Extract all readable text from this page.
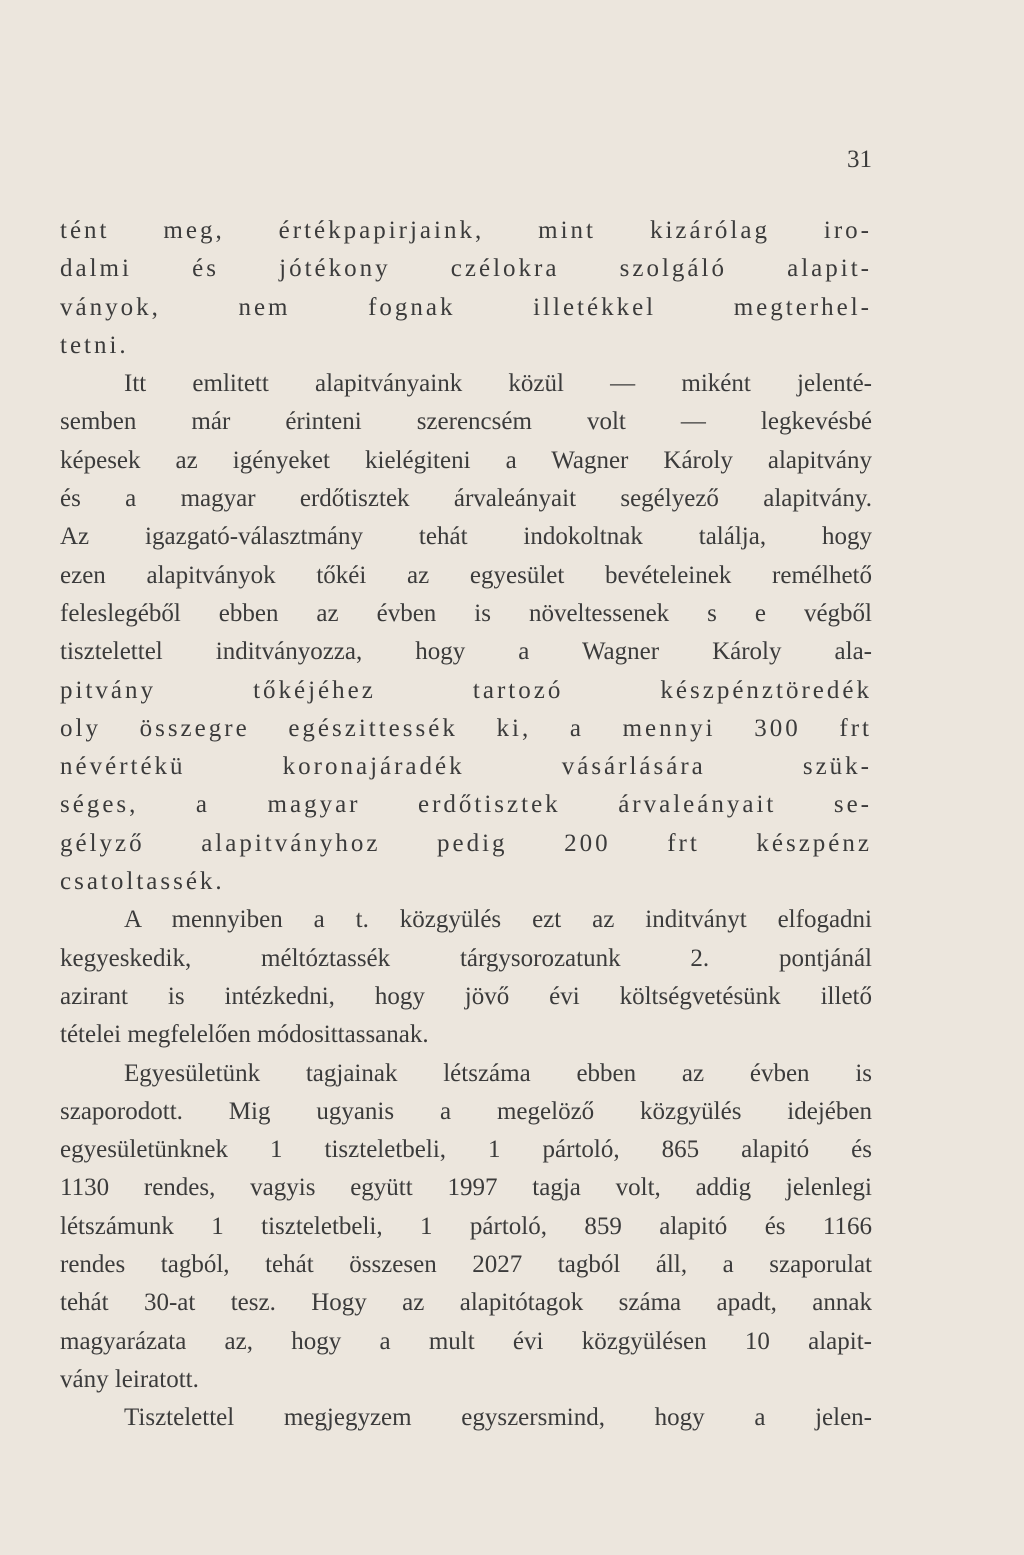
31
tént meg, értékpapirjaink, mint kizárólag iro-
dalmi és jótékony czélokra szolgáló alapit-
ványok, nem fognak illetékkel megterhel-
tetni.
Itt emlitett alapitványaink közül — miként jelenté-
semben már érinteni szerencsém volt — legkevésbé
képesek az igényeket kielégiteni a Wagner Károly alapitvány
és a magyar erdőtisztek árvaleányait segélyező alapitvány.
Az igazgató-választmány tehát indokoltnak találja, hogy
ezen alapitványok tőkéi az egyesület bevételeinek remélhető
feleslegéből ebben az évben is növeltessenek s e végből
tisztelettel inditványozza, hogy a Wagner Károly ala-
pitvány tőkéjéhez tartozó készpénztöredék
oly összegre egészittessék ki, a mennyi 300 frt
névértékü koronajáradék vásárlására szük-
séges, a magyar erdőtisztek árvaleányait se-
gélyző alapitványhoz pedig 200 frt készpénz
csatoltassék.
A mennyiben a t. közgyülés ezt az inditványt elfogadni
kegyeskedik, méltóztassék tárgysorozatunk 2. pontjánál
azirant is intézkedni, hogy jövő évi költségvetésünk illető
tételei megfelelően módosittassanak.
Egyesületünk tagjainak létszáma ebben az évben is
szaporodott. Mig ugyanis a megelöző közgyülés idejében
egyesületünknek 1 tiszteletbeli, 1 pártoló, 865 alapitó és
1130 rendes, vagyis együtt 1997 tagja volt, addig jelenlegi
létszámunk 1 tiszteletbeli, 1 pártoló, 859 alapitó és 1166
rendes tagból, tehát összesen 2027 tagból áll, a szaporulat
tehát 30-at tesz. Hogy az alapitótagok száma apadt, annak
magyarázata az, hogy a mult évi közgyülésen 10 alapit-
vány leiratott.
Tisztelettel megjegyzem egyszersmind, hogy a jelen-
